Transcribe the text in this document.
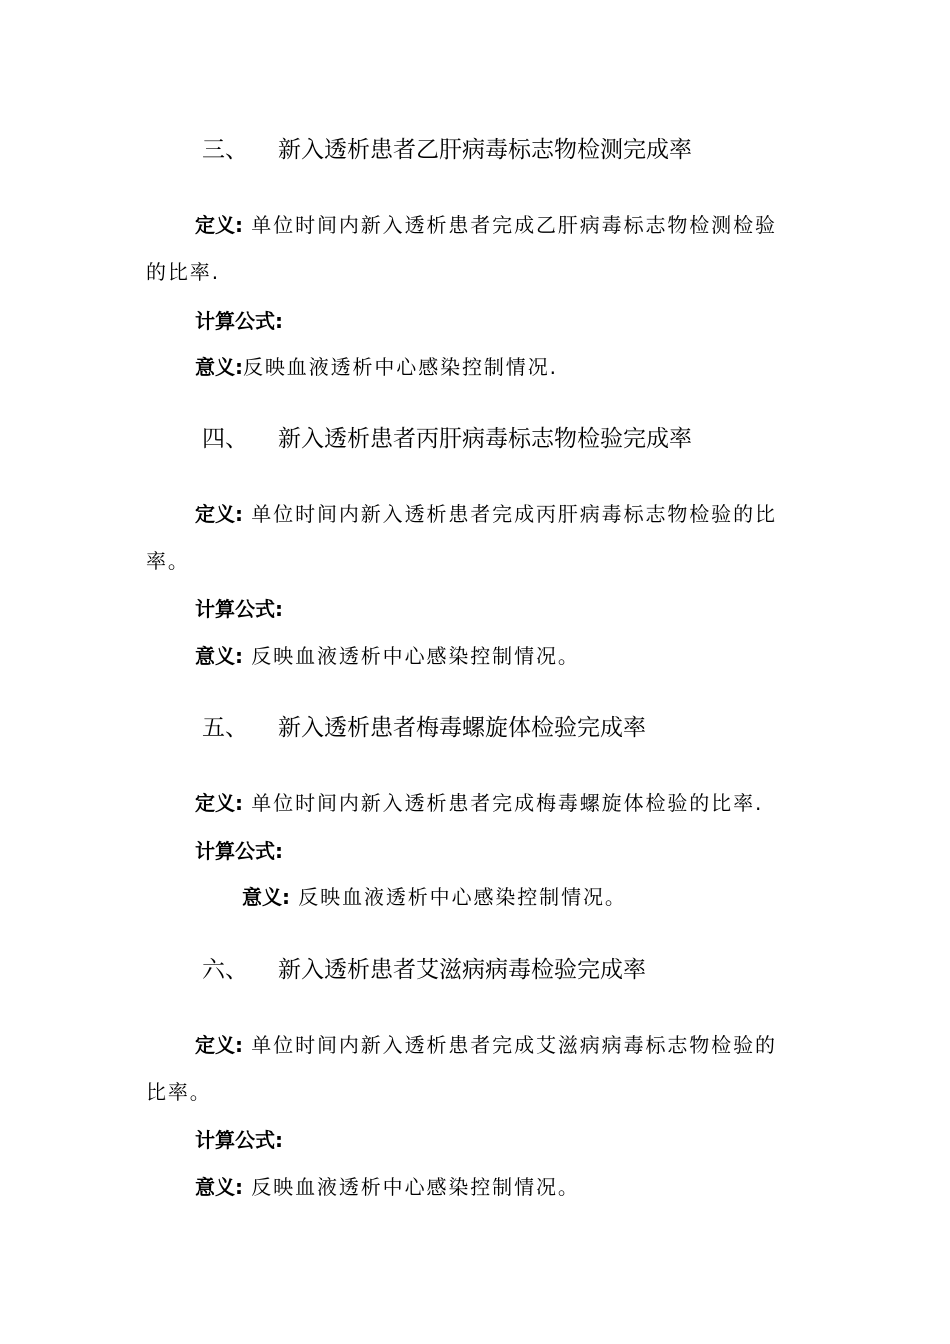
三、 新入透析患者乙肝病毒标志物检测完成率
定义: 单位时间内新入透析患者完成乙肝病毒标志物检测检验
的比率.
计算公式:
意义:反映血液透析中心感染控制情况.
四、 新入透析患者丙肝病毒标志物检验完成率
定义: 单位时间内新入透析患者完成丙肝病毒标志物检验的比
率。
计算公式:
意义: 反映血液透析中心感染控制情况。
五、 新入透析患者梅毒螺旋体检验完成率
定义: 单位时间内新入透析患者完成梅毒螺旋体检验的比率.
计算公式:
意义: 反映血液透析中心感染控制情况。
六、 新入透析患者艾滋病病毒检验完成率
定义: 单位时间内新入透析患者完成艾滋病病毒标志物检验的
比率。
计算公式:
意义: 反映血液透析中心感染控制情况。
